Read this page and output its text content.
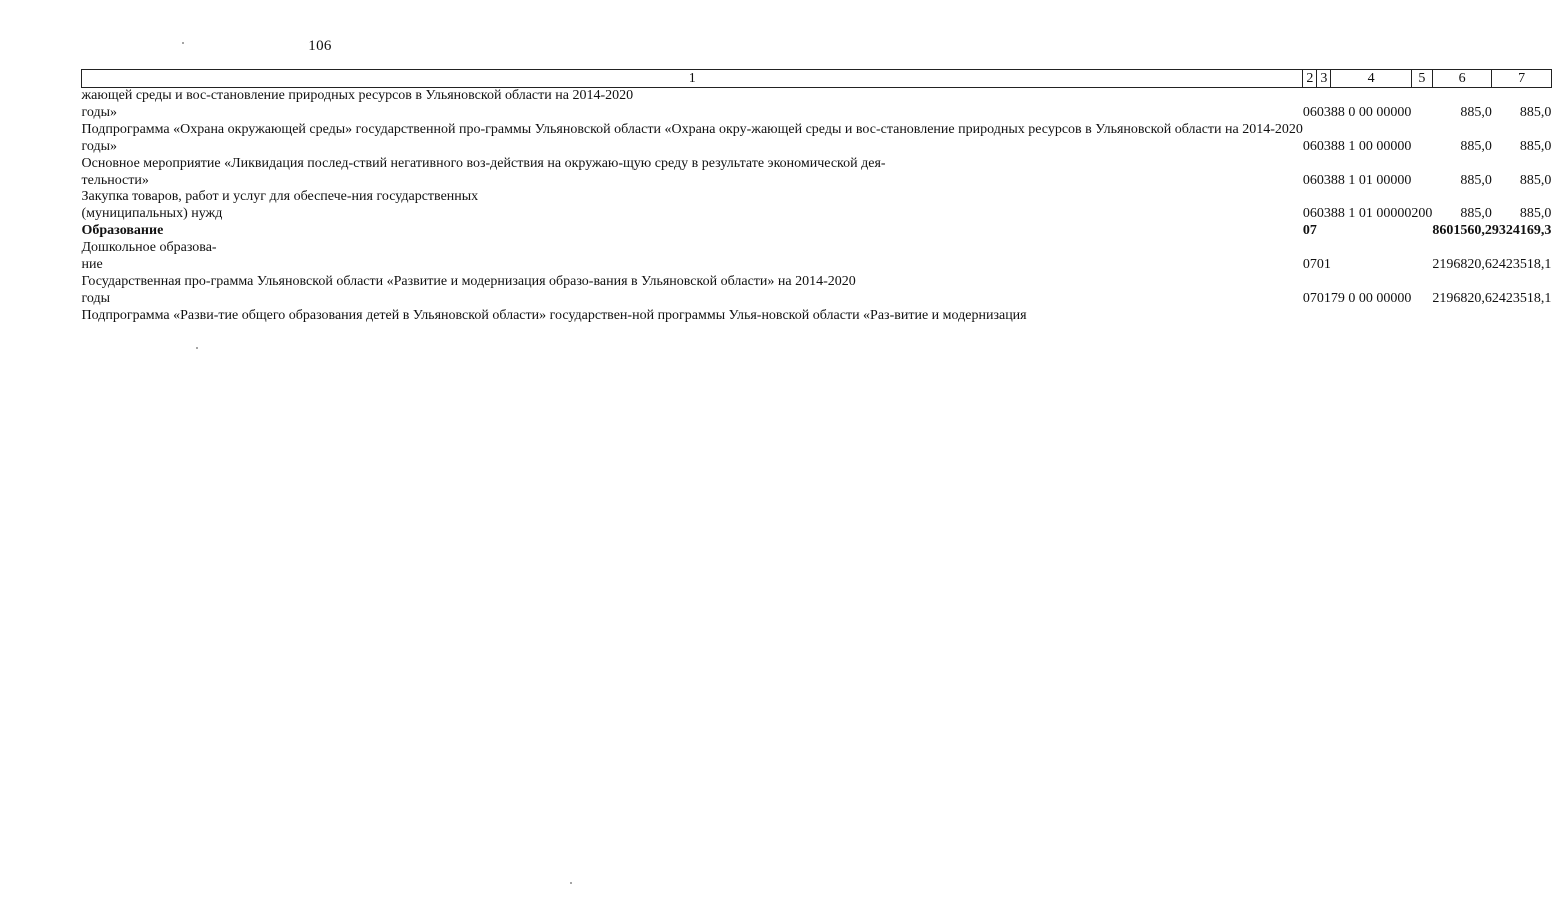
106
1	2	3	4	5	6	7

жающей среды и вос-становление природных ресурсов в Ульяновской области на 2014-2020
годы»	06	03	88 0 00 00000		885,0	885,0

Подпрограмма «Охрана окружающей среды» государственной про-граммы Ульяновской области «Охрана окру-жающей среды и вос-становление природных ресурсов в Ульяновской области на 2014-2020
годы»	06	03	88 1 00 00000		885,0	885,0

Основное мероприятие «Ликвидация послед-ствий негативного воз-действия на окружаю-щую среду в результате экономической дея-
тельности»	06	03	88 1 01 00000		885,0	885,0

Закупка товаров, работ и услуг для обеспече-ния государственных
(муниципальных) нужд	06	03	88 1 01 00000	200	885,0	885,0

Образование	07				8601560,2	9324169,3

Дошкольное образова-
ние	07	01			2196820,6	2423518,1

Государственная про-грамма Ульяновской области «Развитие и модернизация образо-вания в Ульяновской области» на 2014-2020
годы	07	01	79 0 00 00000		2196820,6	2423518,1

Подпрограмма «Разви-тие общего образования детей в Ульяновской области» государствен-ной программы Улья-новской области «Раз-витие и модернизация						
